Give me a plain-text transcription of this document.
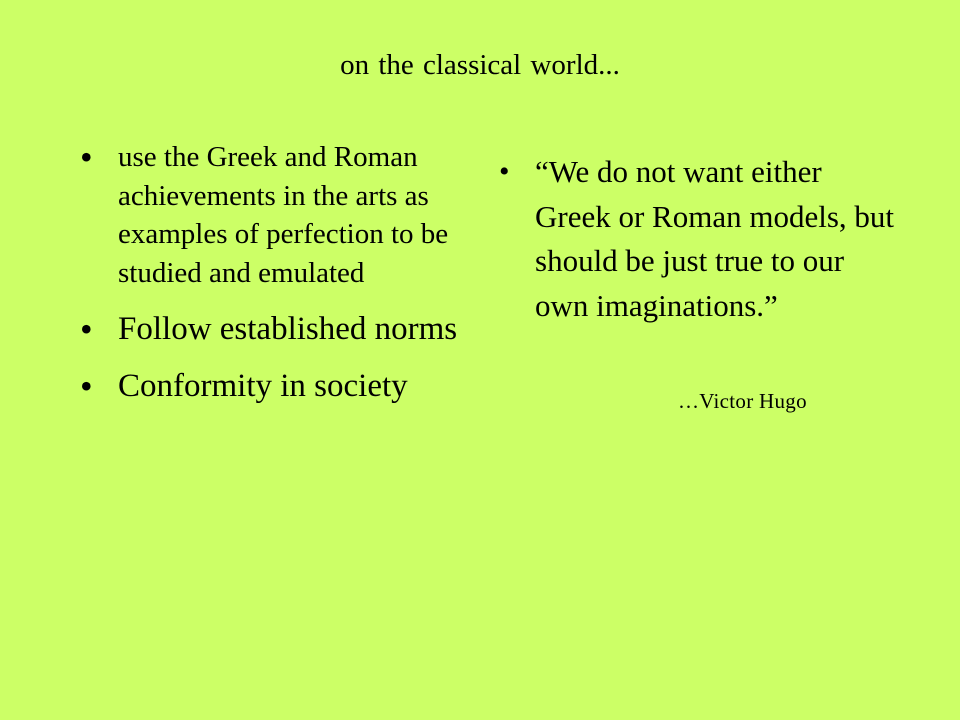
on the classical world...
• use the Greek and Roman achievements in the arts as examples of perfection to be studied and emulated
• Follow established norms
• Conformity in society
• “We do not want either Greek or Roman models, but should be just true to our own imaginations.”
…Victor Hugo
